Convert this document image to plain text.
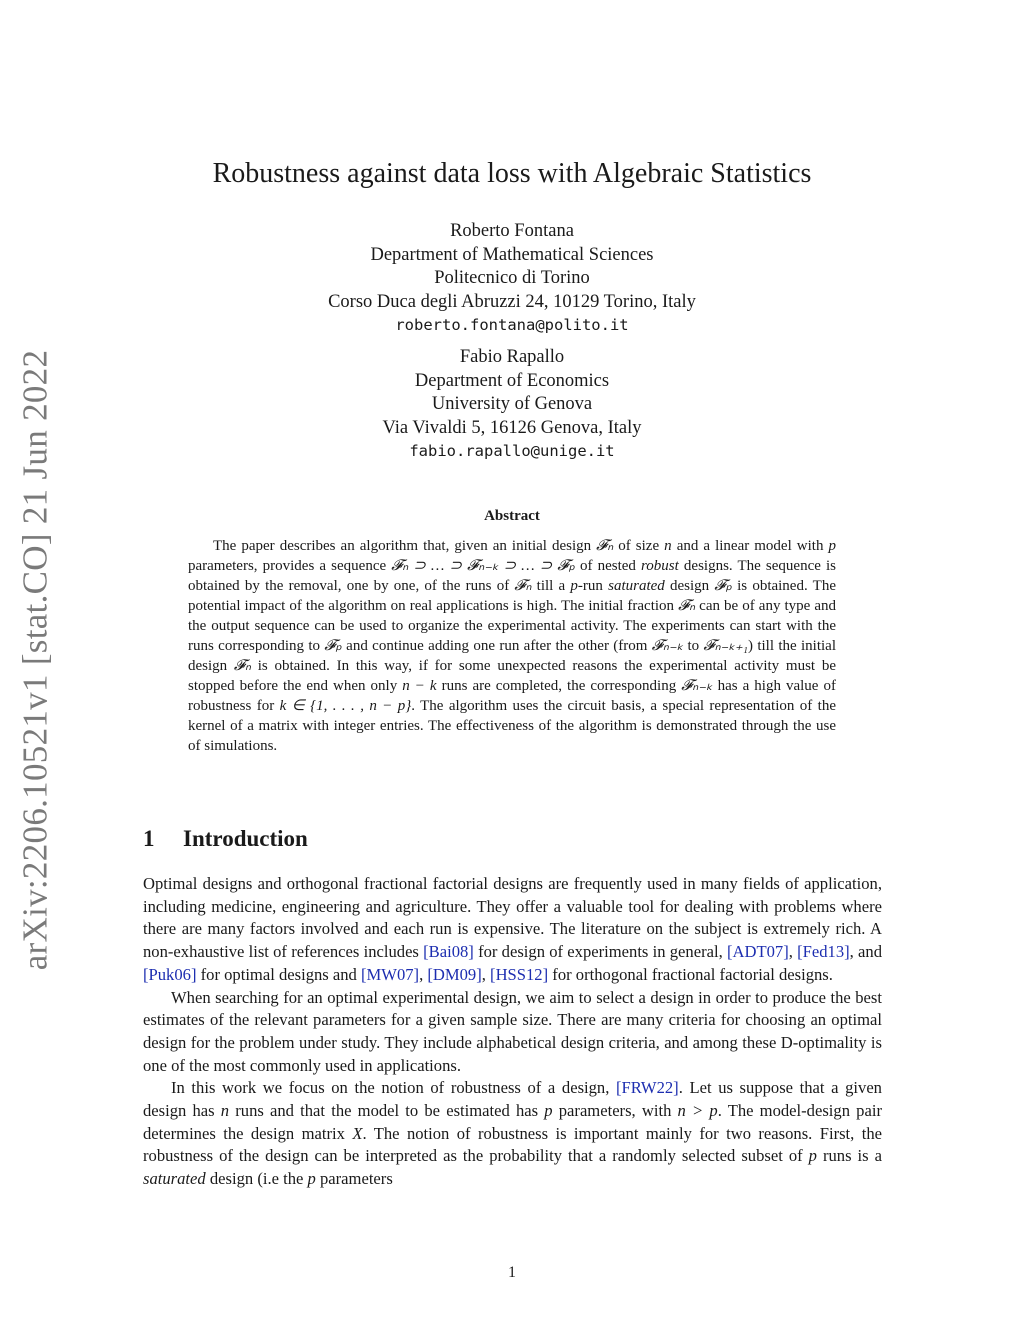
arXiv:2206.10521v1 [stat.CO] 21 Jun 2022
Robustness against data loss with Algebraic Statistics
Roberto Fontana
Department of Mathematical Sciences
Politecnico di Torino
Corso Duca degli Abruzzi 24, 10129 Torino, Italy
roberto.fontana@polito.it
Fabio Rapallo
Department of Economics
University of Genova
Via Vivaldi 5, 16126 Genova, Italy
fabio.rapallo@unige.it
Abstract

The paper describes an algorithm that, given an initial design 𝓕ₙ of size n and a linear model with p parameters, provides a sequence 𝓕ₙ ⊃ … ⊃ 𝓕ₙ₋ₖ ⊃ … ⊃ 𝓕ₚ of nested robust designs. The sequence is obtained by the removal, one by one, of the runs of 𝓕ₙ till a p-run saturated design 𝓕ₚ is obtained. The potential impact of the algorithm on real applications is high. The initial fraction 𝓕ₙ can be of any type and the output sequence can be used to organize the experimental activity. The experiments can start with the runs corresponding to 𝓕ₚ and continue adding one run after the other (from 𝓕ₙ₋ₖ to 𝓕ₙ₋ₖ₊₁) till the initial design 𝓕ₙ is obtained. In this way, if for some unexpected reasons the experimental activity must be stopped before the end when only n − k runs are completed, the corresponding 𝓕ₙ₋ₖ has a high value of robustness for k ∈ {1, . . . , n − p}. The algorithm uses the circuit basis, a special representation of the kernel of a matrix with integer entries. The effectiveness of the algorithm is demonstrated through the use of simulations.

1 Introduction

Optimal designs and orthogonal fractional factorial designs are frequently used in many fields of application, including medicine, engineering and agriculture. They offer a valuable tool for dealing with problems where there are many factors involved and each run is expensive. The literature on the subject is extremely rich. A non-exhaustive list of references includes [Bai08] for design of experiments in general, [ADT07], [Fed13], and [Puk06] for optimal designs and [MW07], [DM09], [HSS12] for orthogonal fractional factorial designs.

When searching for an optimal experimental design, we aim to select a design in order to produce the best estimates of the relevant parameters for a given sample size. There are many criteria for choosing an optimal design for the problem under study. They include alphabetical design criteria, and among these D-optimality is one of the most commonly used in applications.

In this work we focus on the notion of robustness of a design, [FRW22]. Let us suppose that a given design has n runs and that the model to be estimated has p parameters, with n > p. The model-design pair determines the design matrix X. The notion of robustness is important mainly for two reasons. First, the robustness of the design can be interpreted as the probability that a randomly selected subset of p runs is a saturated design (i.e the p parameters

1
